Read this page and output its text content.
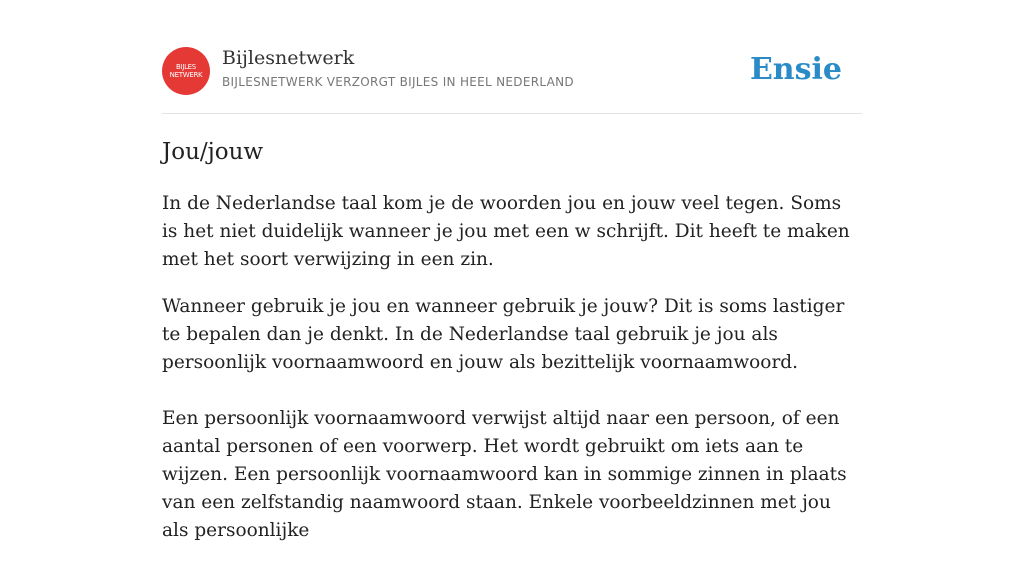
BIJLES
NETWERK
Bijlesnetwerk
BIJLESNETWERK VERZORGT BIJLES IN HEEL NEDERLAND	Ensie
Jou/jouw

In de Nederlandse taal kom je de woorden jou en jouw veel tegen. Soms is het niet duidelijk wanneer je jou met een w schrijft. Dit heeft te maken met het soort verwijzing in een zin.

Wanneer gebruik je jou en wanneer gebruik je jouw? Dit is soms lastiger te bepalen dan je denkt. In de Nederlandse taal gebruik je jou als persoonlijk voornaamwoord en jouw als bezittelijk voornaamwoord.

Een persoonlijk voornaamwoord verwijst altijd naar een persoon, of een aantal personen of een voorwerp. Het wordt gebruikt om iets aan te wijzen. Een persoonlijk voornaamwoord kan in sommige zinnen in plaats van een zelfstandig naamwoord staan. Enkele voorbeeldzinnen met jou als persoonlijke
